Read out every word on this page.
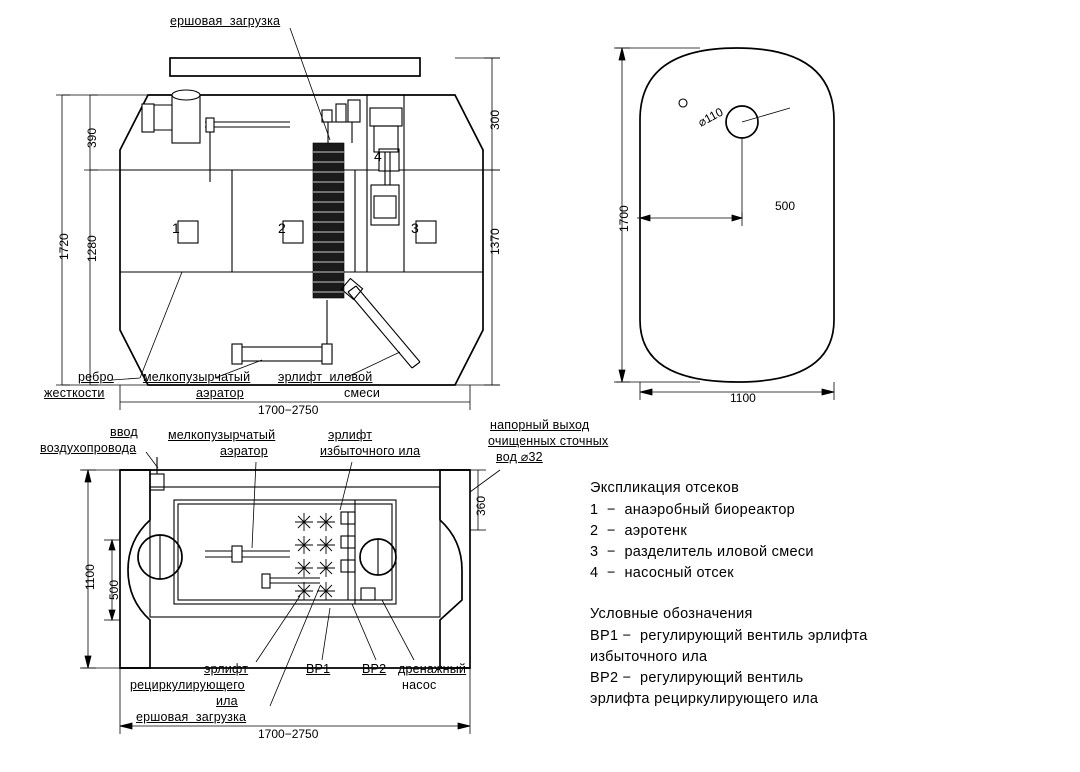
ершовая  загрузка
ребро
жесткости
мелкопузырчатый
аэратор
эрлифт  иловой
смеси
1	2	3
4
1720
390
1280
300
1370
1700−2750
1700
1100
500
⌀110
ввод
воздухопровода
мелкопузырчатый
аэратор
эрлифт
избыточного ила
напорный выход
очищенных сточных
вод ⌀32
эрлифт
рециркулирующего
ила
ершовая  загрузка
ВР1	ВР2 дренажный
насос
1100 500
360
1700−2750
Экспликация отсеков
1  −  анаэробный биореактор
2  −  аэротенк
3  −  разделитель иловой смеси
4  −  насосный отсек
Условные обозначения
ВР1 −  регулирующий вентиль эрлифта
избыточного ила
ВР2 −  регулирующий вентиль
эрлифта рециркулирующего ила
